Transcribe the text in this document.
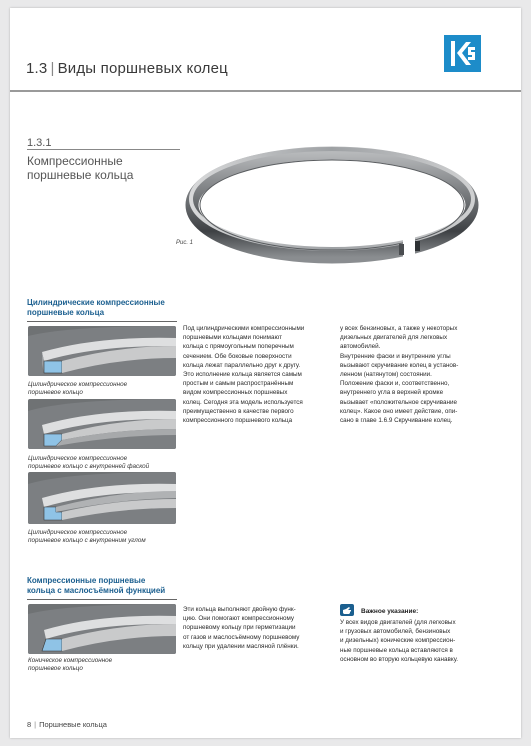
1.3 | Виды поршневых колец
1.3.1
Компрессионные
поршневые кольца
Рис. 1
Цилиндрические компрессионные
поршневые кольца
Цилиндрическое компрессионное
поршневое кольцо
Цилиндрическое компрессионное
поршневое кольцо с внутренней фаской
Цилиндрическое компрессионное
поршневое кольцо с внутренним углом

Под цилиндрическими компрессионными

поршневыми кольцами понимают

кольца с прямоугольным поперечным

сечением. Обе боковые поверхности

кольца лежат параллельно друг к другу.

Это исполнение кольца является самым

простым и самым распространённым

видом компрессионных поршневых

колец. Сегодня эта модель используется

преимущественно в качестве первого

компрессионного поршневого кольца

у всех бензиновых, а также у некоторых

дизельных двигателей для легковых

автомобилей.

Внутренние фаски и внутренние углы

вызывают скручивание колец в установ-

ленном (натянутом) состоянии.

Положение фаски и, соответственно,

внутреннего угла в верхней кромке

вызывает «положительное скручивание

колец». Какое оно имеет действие, опи-

сано в главе 1.6.9 Скручивание колец.

Компрессионные поршневые
кольца с маслосъёмной функцией
Коническое компрессионное
поршневое кольцо

Эти кольца выполняют двойную функ-

цию. Они помогают компрессионному

поршневому кольцу при герметизации

от газов и маслосъёмному поршневому

кольцу при удалении масляной плёнки.

Важное указание:

У всех видов двигателей (для легковых

и грузовых автомобилей, бензиновых

и дизельных) конические компрессион-

ные поршневые кольца вставляются в

основном во вторую кольцевую канавку.

8 | Поршневые кольца
